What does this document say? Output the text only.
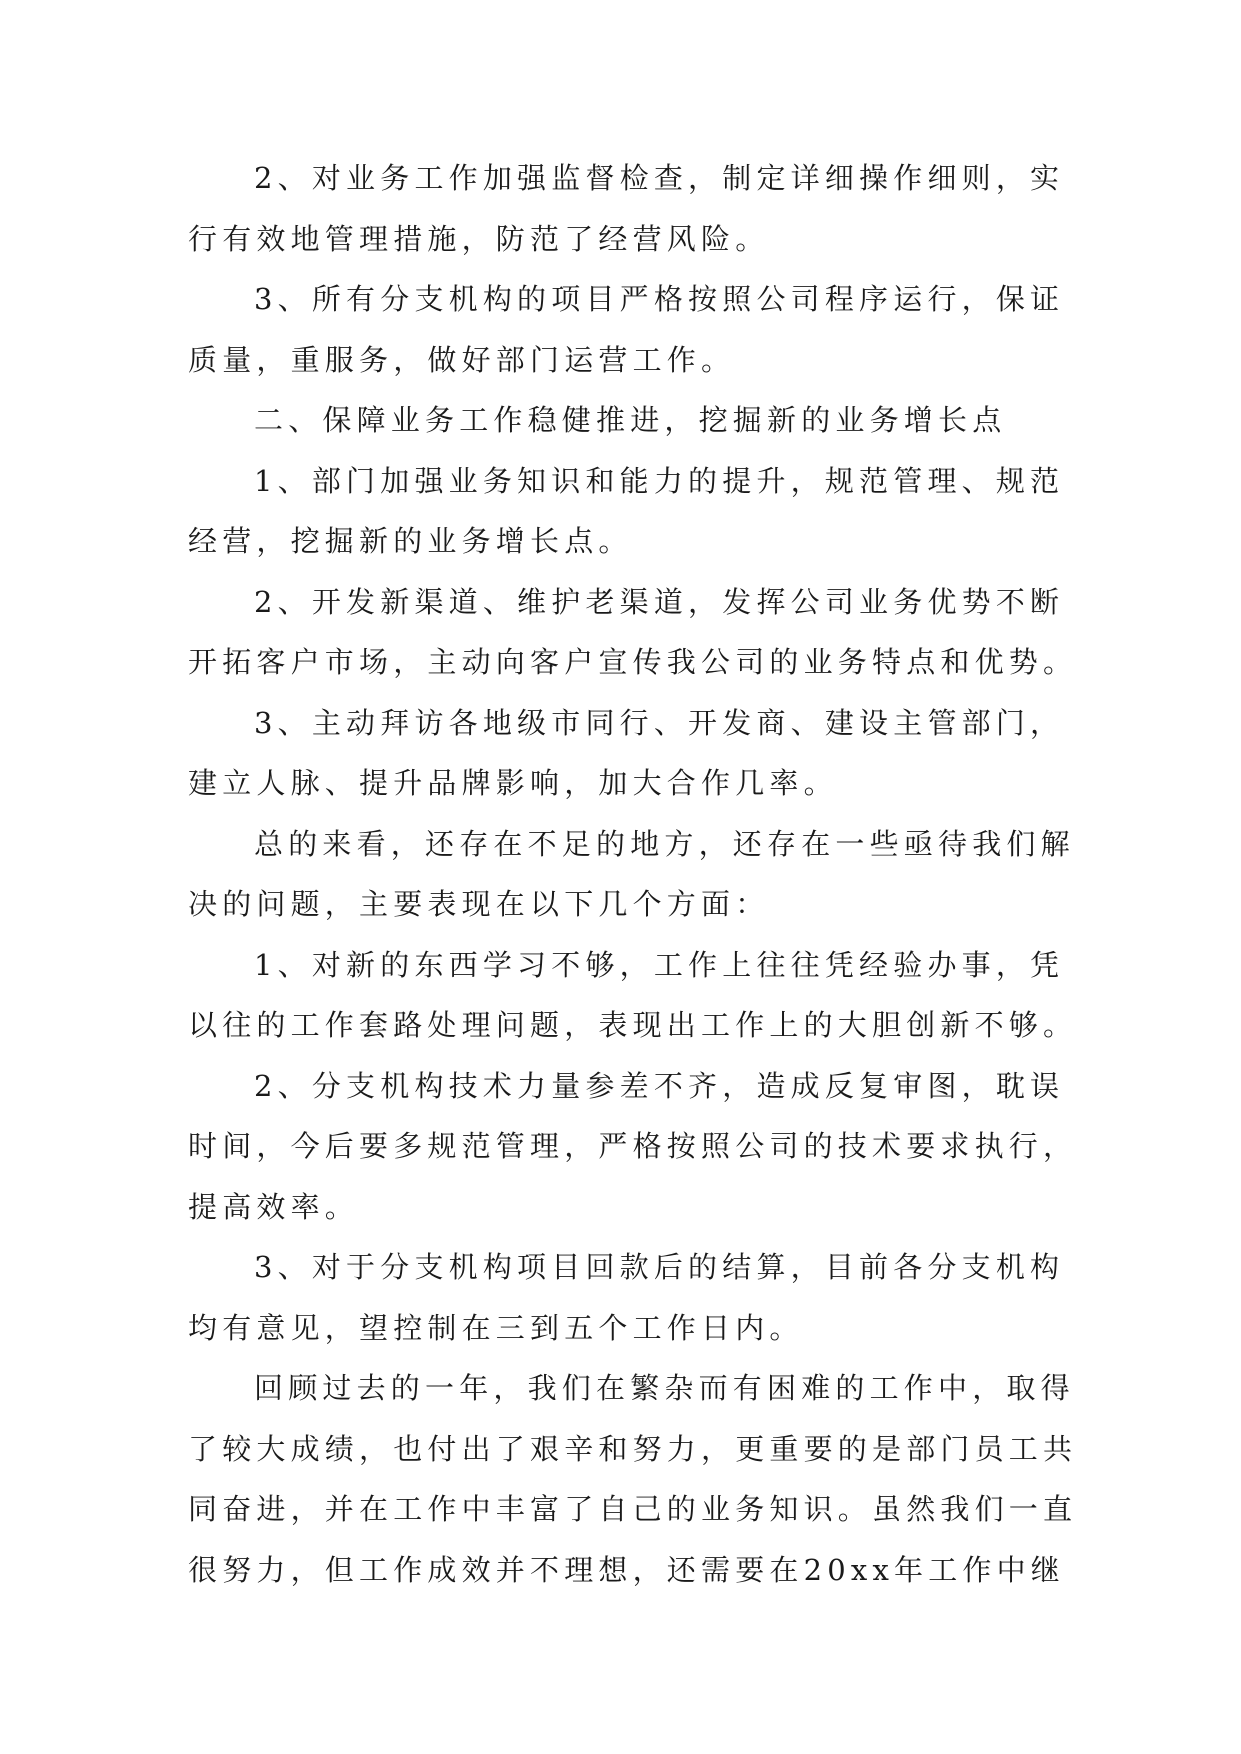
2、对业务工作加强监督检查，制定详细操作细则，实
行有效地管理措施，防范了经营风险。
3、所有分支机构的项目严格按照公司程序运行，保证
质量，重服务，做好部门运营工作。
二、保障业务工作稳健推进，挖掘新的业务增长点
1、部门加强业务知识和能力的提升，规范管理、规范
经营，挖掘新的业务增长点。
2、开发新渠道、维护老渠道，发挥公司业务优势不断
开拓客户市场，主动向客户宣传我公司的业务特点和优势。
3、主动拜访各地级市同行、开发商、建设主管部门，
建立人脉、提升品牌影响，加大合作几率。
总的来看，还存在不足的地方，还存在一些亟待我们解
决的问题，主要表现在以下几个方面：
1、对新的东西学习不够，工作上往往凭经验办事，凭
以往的工作套路处理问题，表现出工作上的大胆创新不够。
2、分支机构技术力量参差不齐，造成反复审图，耽误
时间，今后要多规范管理，严格按照公司的技术要求执行，
提高效率。
3、对于分支机构项目回款后的结算，目前各分支机构
均有意见，望控制在三到五个工作日内。
回顾过去的一年，我们在繁杂而有困难的工作中，取得
了较大成绩，也付出了艰辛和努力，更重要的是部门员工共
同奋进，并在工作中丰富了自己的业务知识。虽然我们一直
很努力，但工作成效并不理想，还需要在20xx年工作中继
